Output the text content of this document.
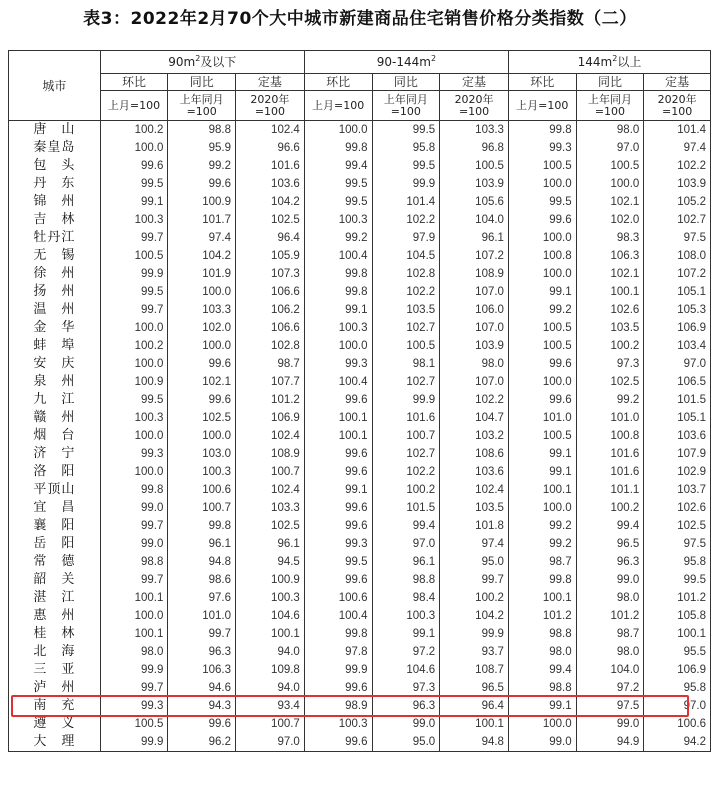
表3：2022年2月70个大中城市新建商品住宅销售价格分类指数（二）
城市	$90m^2$及以下			$90-144m^2$			$144m^2$以上		
	环比	同比	定基	环比	同比	定基	环比	同比	定基
	上月=100	上年同月=100	2020年=100	上月=100	上年同月=100	2020年=100	上月=100	上年同月=100	2020年=100
唐　山	100.2	98.8	102.4	100.0	99.5	103.3	99.8	98.0	101.4
秦皇岛	100.0	95.9	96.6	99.8	95.8	96.8	99.3	97.0	97.4
包　头	99.6	99.2	101.6	99.4	99.5	100.5	100.5	100.5	102.2
丹　东	99.5	99.6	103.6	99.5	99.9	103.9	100.0	100.0	103.9
锦　州	99.1	100.9	104.2	99.5	101.4	105.6	99.5	102.1	105.2
吉　林	100.3	101.7	102.5	100.3	102.2	104.0	99.6	102.0	102.7
牡丹江	99.7	97.4	96.4	99.2	97.9	96.1	100.0	98.3	97.5
无　锡	100.5	104.2	105.9	100.4	104.5	107.2	100.8	106.3	108.0
徐　州	99.9	101.9	107.3	99.8	102.8	108.9	100.0	102.1	107.2
扬　州	99.5	100.0	106.6	99.8	102.2	107.0	99.1	100.1	105.1
温　州	99.7	103.3	106.2	99.1	103.5	106.0	99.2	102.6	105.3
金　华	100.0	102.0	106.6	100.3	102.7	107.0	100.5	103.5	106.9
蚌　埠	100.2	100.0	102.8	100.0	100.5	103.9	100.5	100.2	103.4
安　庆	100.0	99.6	98.7	99.3	98.1	98.0	99.6	97.3	97.0
泉　州	100.9	102.1	107.7	100.4	102.7	107.0	100.0	102.5	106.5
九　江	99.5	99.6	101.2	99.6	99.9	102.2	99.6	99.2	101.5
赣　州	100.3	102.5	106.9	100.1	101.6	104.7	101.0	101.0	105.1
烟　台	100.0	100.0	102.4	100.1	100.7	103.2	100.5	100.8	103.6
济　宁	99.3	103.0	108.9	99.6	102.7	108.6	99.1	101.6	107.9
洛　阳	100.0	100.3	100.7	99.6	102.2	103.6	99.1	101.6	102.9
平顶山	99.8	100.6	102.4	99.1	100.2	102.4	100.1	101.1	103.7
宜　昌	99.0	100.7	103.3	99.6	101.5	103.5	100.0	100.2	102.6
襄　阳	99.7	99.8	102.5	99.6	99.4	101.8	99.2	99.4	102.5
岳　阳	99.0	96.1	96.1	99.3	97.0	97.4	99.2	96.5	97.5
常　德	98.8	94.8	94.5	99.5	96.1	95.0	98.7	96.3	95.8
韶　关	99.7	98.6	100.9	99.6	98.8	99.7	99.8	99.0	99.5
湛　江	100.1	97.6	100.3	100.6	98.4	100.2	100.1	98.0	101.2
惠　州	100.0	101.0	104.6	100.4	100.3	104.2	101.2	101.2	105.8
桂　林	100.1	99.7	100.1	99.8	99.1	99.9	98.8	98.7	100.1
北　海	98.0	96.3	94.0	97.8	97.2	93.7	98.0	98.0	95.5
三　亚	99.9	106.3	109.8	99.9	104.6	108.7	99.4	104.0	106.9
泸　州	99.7	94.6	94.0	99.6	97.3	96.5	98.8	97.2	95.8
南　充	99.3	94.3	93.4	98.9	96.3	96.4	99.1	97.5	97.0
遵　义	100.5	99.6	100.7	100.3	99.0	100.1	100.0	99.0	100.6
大　理	99.9	96.2	97.0	99.6	95.0	94.8	99.0	94.9	94.2
